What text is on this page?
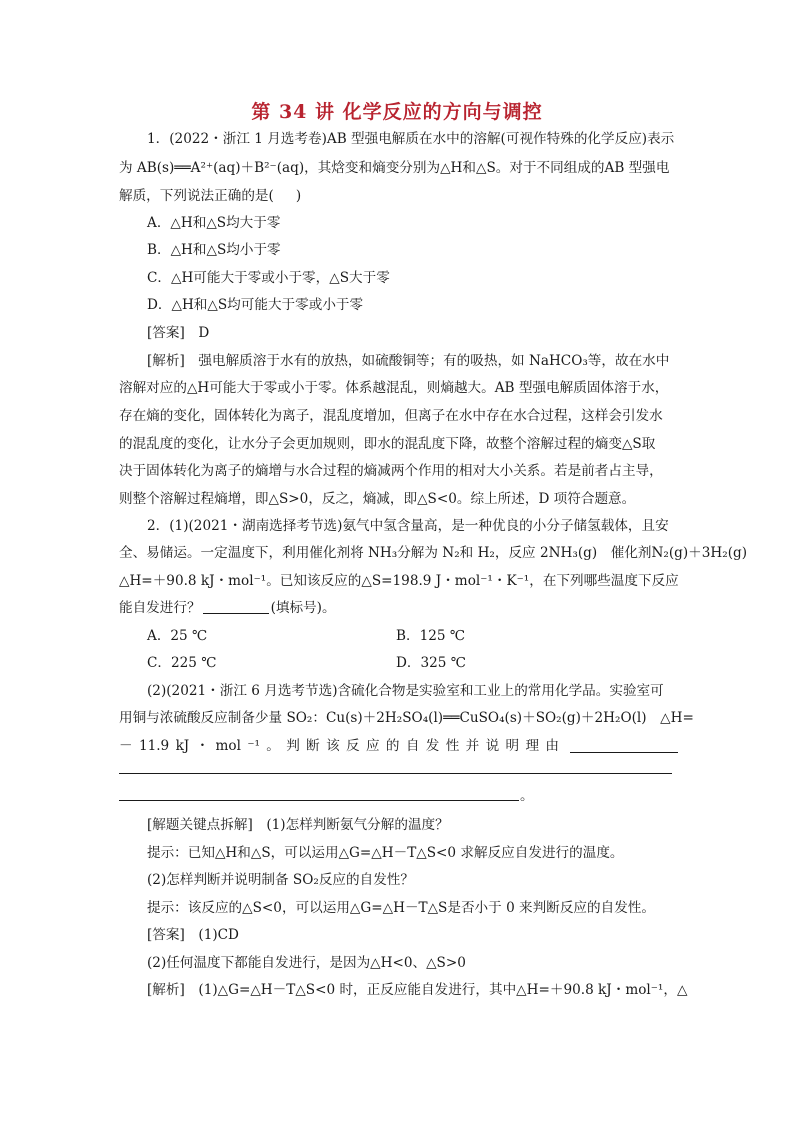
第 34 讲 化学反应的方向与调控
1．(2022・浙江 1 月选考卷)AB 型强电解质在水中的溶解(可视作特殊的化学反应)表示
为 AB(s)══A²⁺(aq)＋B²⁻(aq)，其焓变和熵变分别为△H和△S。对于不同组成的AB 型强电
解质，下列说法正确的是( )
A．△H和△S均大于零
B．△H和△S均小于零
C．△H可能大于零或小于零，△S大于零
D．△H和△S均可能大于零或小于零
[答案]　D
[解析]　强电解质溶于水有的放热，如硫酸铜等；有的吸热，如 NaHCO₃等，故在水中
溶解对应的△H可能大于零或小于零。体系越混乱，则熵越大。AB 型强电解质固体溶于水，
存在熵的变化，固体转化为离子，混乱度增加，但离子在水中存在水合过程，这样会引发水
的混乱度的变化，让水分子会更加规则，即水的混乱度下降，故整个溶解过程的熵变△S取
决于固体转化为离子的熵增与水合过程的熵减两个作用的相对大小关系。若是前者占主导，
则整个溶解过程熵增，即△S>0，反之，熵减，即△S<0。综上所述，D 项符合题意。
2．(1)(2021・湖南选择考节选)氨气中氢含量高，是一种优良的小分子储氢载体，且安
全、易储运。一定温度下，利用催化剂将 NH₃分解为 N₂和 H₂，反应 2NH₃(g)　催化剂N₂(g)＋3H₂(g)
△H=＋90.8 kJ・mol⁻¹。已知该反应的△S=198.9 J・mol⁻¹・K⁻¹，在下列哪些温度下反应
能自发进行？	(填标号)。
A．25 ℃	B．125 ℃
C．225 ℃	D．325 ℃
(2)(2021・浙江 6 月选考节选)含硫化合物是实验室和工业上的常用化学品。实验室可
用铜与浓硫酸反应制备少量 SO₂：Cu(s)＋2H₂SO₄(l)══CuSO₄(s)＋SO₂(g)＋2H₂O(l)　△H=
－ 11.9 kJ ・ mol ⁻¹ 。 判 断 该 反 应 的 自 发 性 并 说 明 理 由
。
[解题关键点拆解]　(1)怎样判断氨气分解的温度？
提示：已知△H和△S，可以运用△G=△H－T△S<0 求解反应自发进行的温度。
(2)怎样判断并说明制备 SO₂反应的自发性？
提示：该反应的△S<0，可以运用△G=△H－T△S是否小于 0 来判断反应的自发性。
[答案]　(1)CD
(2)任何温度下都能自发进行，是因为△H<0、△S>0
[解析]　(1)△G=△H－T△S<0 时，正反应能自发进行，其中△H=＋90.8 kJ・mol⁻¹，△
